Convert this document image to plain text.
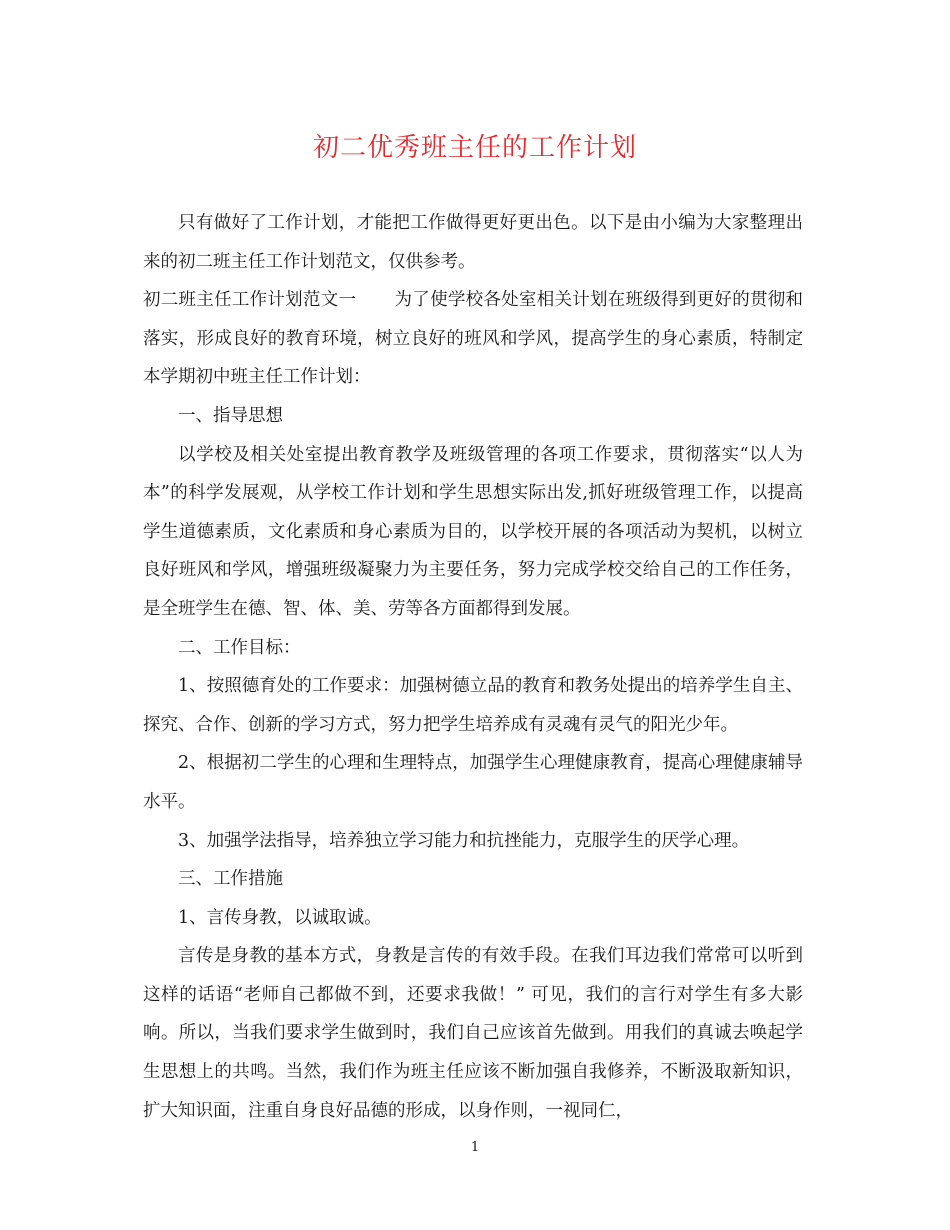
初二优秀班主任的工作计划

只有做好了工作计划，才能把工作做得更好更出色。以下是由小编为大家整理出来的初二班主任工作计划范文，仅供参考。

初二班主任工作计划范文一 为了使学校各处室相关计划在班级得到更好的贯彻和落实，形成良好的教育环境，树立良好的班风和学风，提高学生的身心素质，特制定本学期初中班主任工作计划：

一、指导思想

以学校及相关处室提出教育教学及班级管理的各项工作要求，贯彻落实“以人为本”的科学发展观，从学校工作计划和学生思想实际出发,抓好班级管理工作，以提高学生道德素质，文化素质和身心素质为目的，以学校开展的各项活动为契机，以树立良好班风和学风，增强班级凝聚力为主要任务，努力完成学校交给自己的工作任务，是全班学生在德、智、体、美、劳等各方面都得到发展。

二、工作目标：

1、按照德育处的工作要求：加强树德立品的教育和教务处提出的培养学生自主、探究、合作、创新的学习方式，努力把学生培养成有灵魂有灵气的阳光少年。

2、根据初二学生的心理和生理特点，加强学生心理健康教育，提高心理健康辅导水平。

3、加强学法指导，培养独立学习能力和抗挫能力，克服学生的厌学心理。

三、工作措施

1、言传身教，以诚取诚。

言传是身教的基本方式，身教是言传的有效手段。在我们耳边我们常常可以听到这样的话语“老师自己都做不到，还要求我做！” 可见，我们的言行对学生有多大影响。所以，当我们要求学生做到时，我们自己应该首先做到。用我们的真诚去唤起学生思想上的共鸣。当然，我们作为班主任应该不断加强自我修养，不断汲取新知识，扩大知识面，注重自身良好品德的形成，以身作则，一视同仁，

1
